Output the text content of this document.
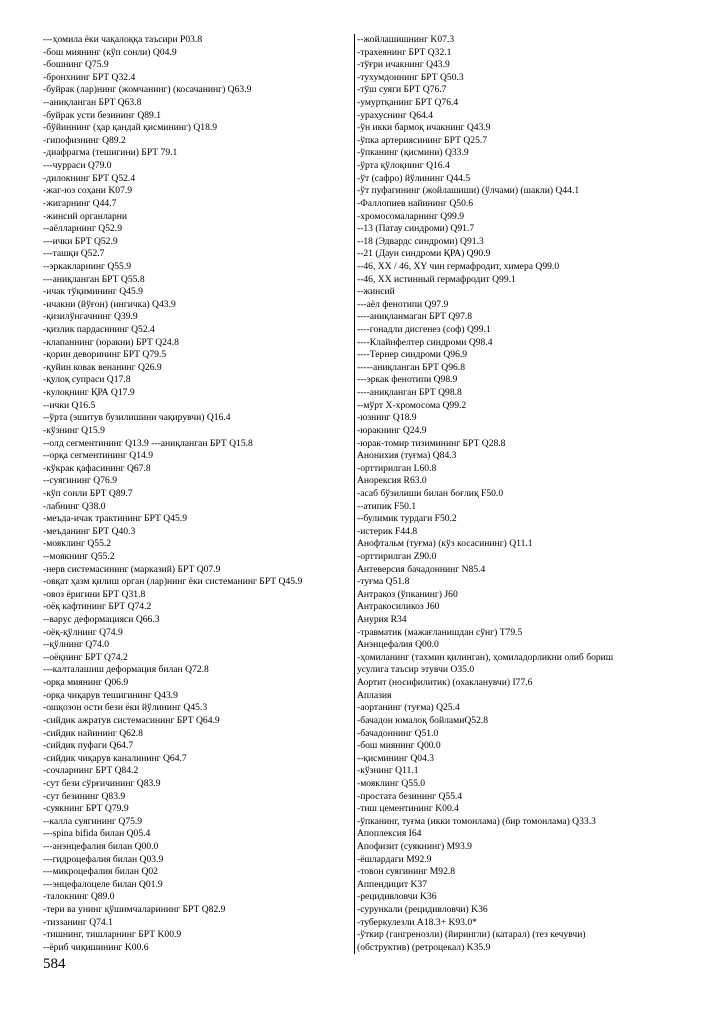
---ҳомила ёки чақалоққа таъсири P03.8
-бош миянинг (кўп сонли) Q04.9
-бошнинг Q75.9
-бронхнинг БРТ Q32.4
-буйрак (лар)нинг (жомчанинг) (косачанинг) Q63.9
--аниқланган БРТ Q63.8
-буйрак усти безининг Q89.1
-бўйиннинг (ҳар қандай қисмининг) Q18.9
-гипофизнинг Q89.2
-диафрагма (тешигини) БРТ 79.1
---чурраси Q79.0
-дилокнинг БРТ Q52.4
-жаг-юз соҳани K07.9
-жигарнинг Q44.7
-жинсий органларни
--аёлларнинг Q52.9
---ички БРТ Q52.9
---ташқи Q52.7
--эркакларнинг Q55.9
---аниқланган БРТ Q55.8
-ичак тўқимининг Q45.9
-ичакни (йўғон) (ингичка) Q43.9
-қизилўнгачнинг Q39.9
-қизлик пардасининг Q52.4
-клапаннинг (юракни) БРТ Q24.8
-қорин деворининг БРТ Q79.5
-қуйин ковак венанинг Q26.9
-қулоқ супраси Q17.8
-кулоқнинг ҚРА Q17.9
--ички Q16.5
--ўрта (эшитув бузилишини чақирувчи) Q16.4
-кўзнинг Q15.9
--олд сегментининг Q13.9 ---аниқланган БРТ Q15.8
--орқа сегментининг Q14.9
-кўкрак қафасининг Q67.8
--суягининг Q76.9
-кўп сонли БРТ Q89.7
-лабнинг Q38.0
-меъда-ичак трактининг БРТ Q45.9
-меъданинг БРТ Q40.3
-мояклинг Q55.2
--моякнинг Q55.2
-нерв системасининг (марказий) БРТ Q07.9
-овқат ҳазм қилиш орган (лар)нинг ёки системанинг БРТ Q45.9
-овоз ёригини БРТ Q31.8
-оёқ кафтининг БРТ Q74.2
--варус деформацияси Q66.3
-оёқ-қўлнинг Q74.9
--қўлнинг Q74.0
--оёқнинг БРТ Q74.2
---калталашиш деформация билан Q72.8
-орқа миянинг Q06.9
-орқа чиқарув тешигининг Q43.9
-ошқозон ости бези ёки йўлининг Q45.3
-сийдик ажратув системасининг БРТ Q64.9
-сийдик найининг Q62.8
-сийдик пуфаги Q64.7
-сийдик чиқарув каналининг Q64.7
-сочларнинг БРТ Q84.2
-сут бези сўрғичининг Q83.9
-сут безининг Q83.9
-суякнинг БРТ Q79.9
--калла суягининг Q75.9
---spina bifida билан Q05.4
---анэнцефалия билан Q00.0
---гидроцефалия билан Q03.9
---микроцефалия билан Q02
---энцефалоцеле билан Q01.9
-талокнинг Q89.0
-тери ва унинг қўшимчаларининг БРТ Q82.9
-тиззанинг Q74.1
-тишнинг, тишларнинг БРТ K00.9
--ёриб чиқишининг K00.6
--жойлашишнинг K07.3
-трахеянинг БРТ Q32.1
-тўғри ичакнинг Q43.9
-тухумдоннинг БРТ Q50.3
-тўш суяги БРТ Q76.7
-умуртқанинг БРТ Q76.4
-урахуснинг Q64.4
-ўн икки бармоқ ичакнинг Q43.9
-ўпка артериясининг БРТ Q25.7
-ўпканинг (қисмини) Q33.9
-ўрта қўлоқнинг Q16.4
-ўт (сафро) йўлининг Q44.5
-ўт пуфагининг (жойлашиши) (ўлчами) (шакли) Q44.1
-Фаллопиев найининг Q50.6
-хромосомаларнинг Q99.9
--13 (Патау синдроми) Q91.7
--18 (Эдвардс синдроми) Q91.3
--21 (Даун синдроми ҚРА) Q90.9
--46, XX / 46, XY чин гермафродит, химера Q99.0
--46, XX истинный гермафродит Q99.1
--жинсий
---аёл фенотипи Q97.9
----аниқланмаган БРТ Q97.8
----гонадли дисгенез (соф) Q99.1
----Клайнфелтер синдроми Q98.4
----Тернер синдроми Q96.9
-----аниқланган БРТ Q96.8
---эркак фенотипи Q98.9
----аниқланган БРТ Q98.8
--мўрт X-хромосома Q99.2
-юзнинг Q18.9
-юракнинг Q24.9
-юрак-томир тизимининг БРТ Q28.8
Анонихия (туғма) Q84.3
-орттирилган L60.8
Анорексия R63.0
-асаб бўзилиши билан боғлиқ F50.0
--атипик F50.1
--булимик турдаги F50.2
-истерик F44.8
Анофтальм (туғма) (кўз косасининг) Q11.1
-орттирилган Z90.0
Антеверсия бачадоннинг N85.4
-туғма Q51.8
Антракоз (ўпканинг) J60
Антракосиликоз J60
Анурия R34
-травматик (мажағланишдан сўнг) T79.5
Анэнцефалия Q00.0
-ҳомиланинг (тахмин қилинган), ҳомиладорликни олиб бориш
усулига таъсир этувчи O35.0
Аортит (носифилитик) (охакланувчи) I77.6
Аплазия
-аортанинг (туғма) Q25.4
-бачадон юмалоқ бойламиQ52.8
-бачадоннинг Q51.0
-бош миянинг Q00.0
--қисмининг Q04.3
-кўзнинг Q11.1
-мояклинг Q55.0
-простата безининг Q55.4
-тиш цементининг K00.4
-ўпканинг, туғма (икки томонлама) (бир томонлама) Q33.3
Апоплексия I64
Апофизит (суякнинг) M93.9
-ёшлардаги M92.9
-товон суягининг M92.8
Аппендицит K37
-рецидивловчи K36
-сурункали (рецидивловчи) K36
-туберкулезли A18.3+ K93.0*
-ўткир (гангренозли) (йирингли) (катарал) (тез кечувчи)
(обструктив) (ретроцекал) K35.9
584
